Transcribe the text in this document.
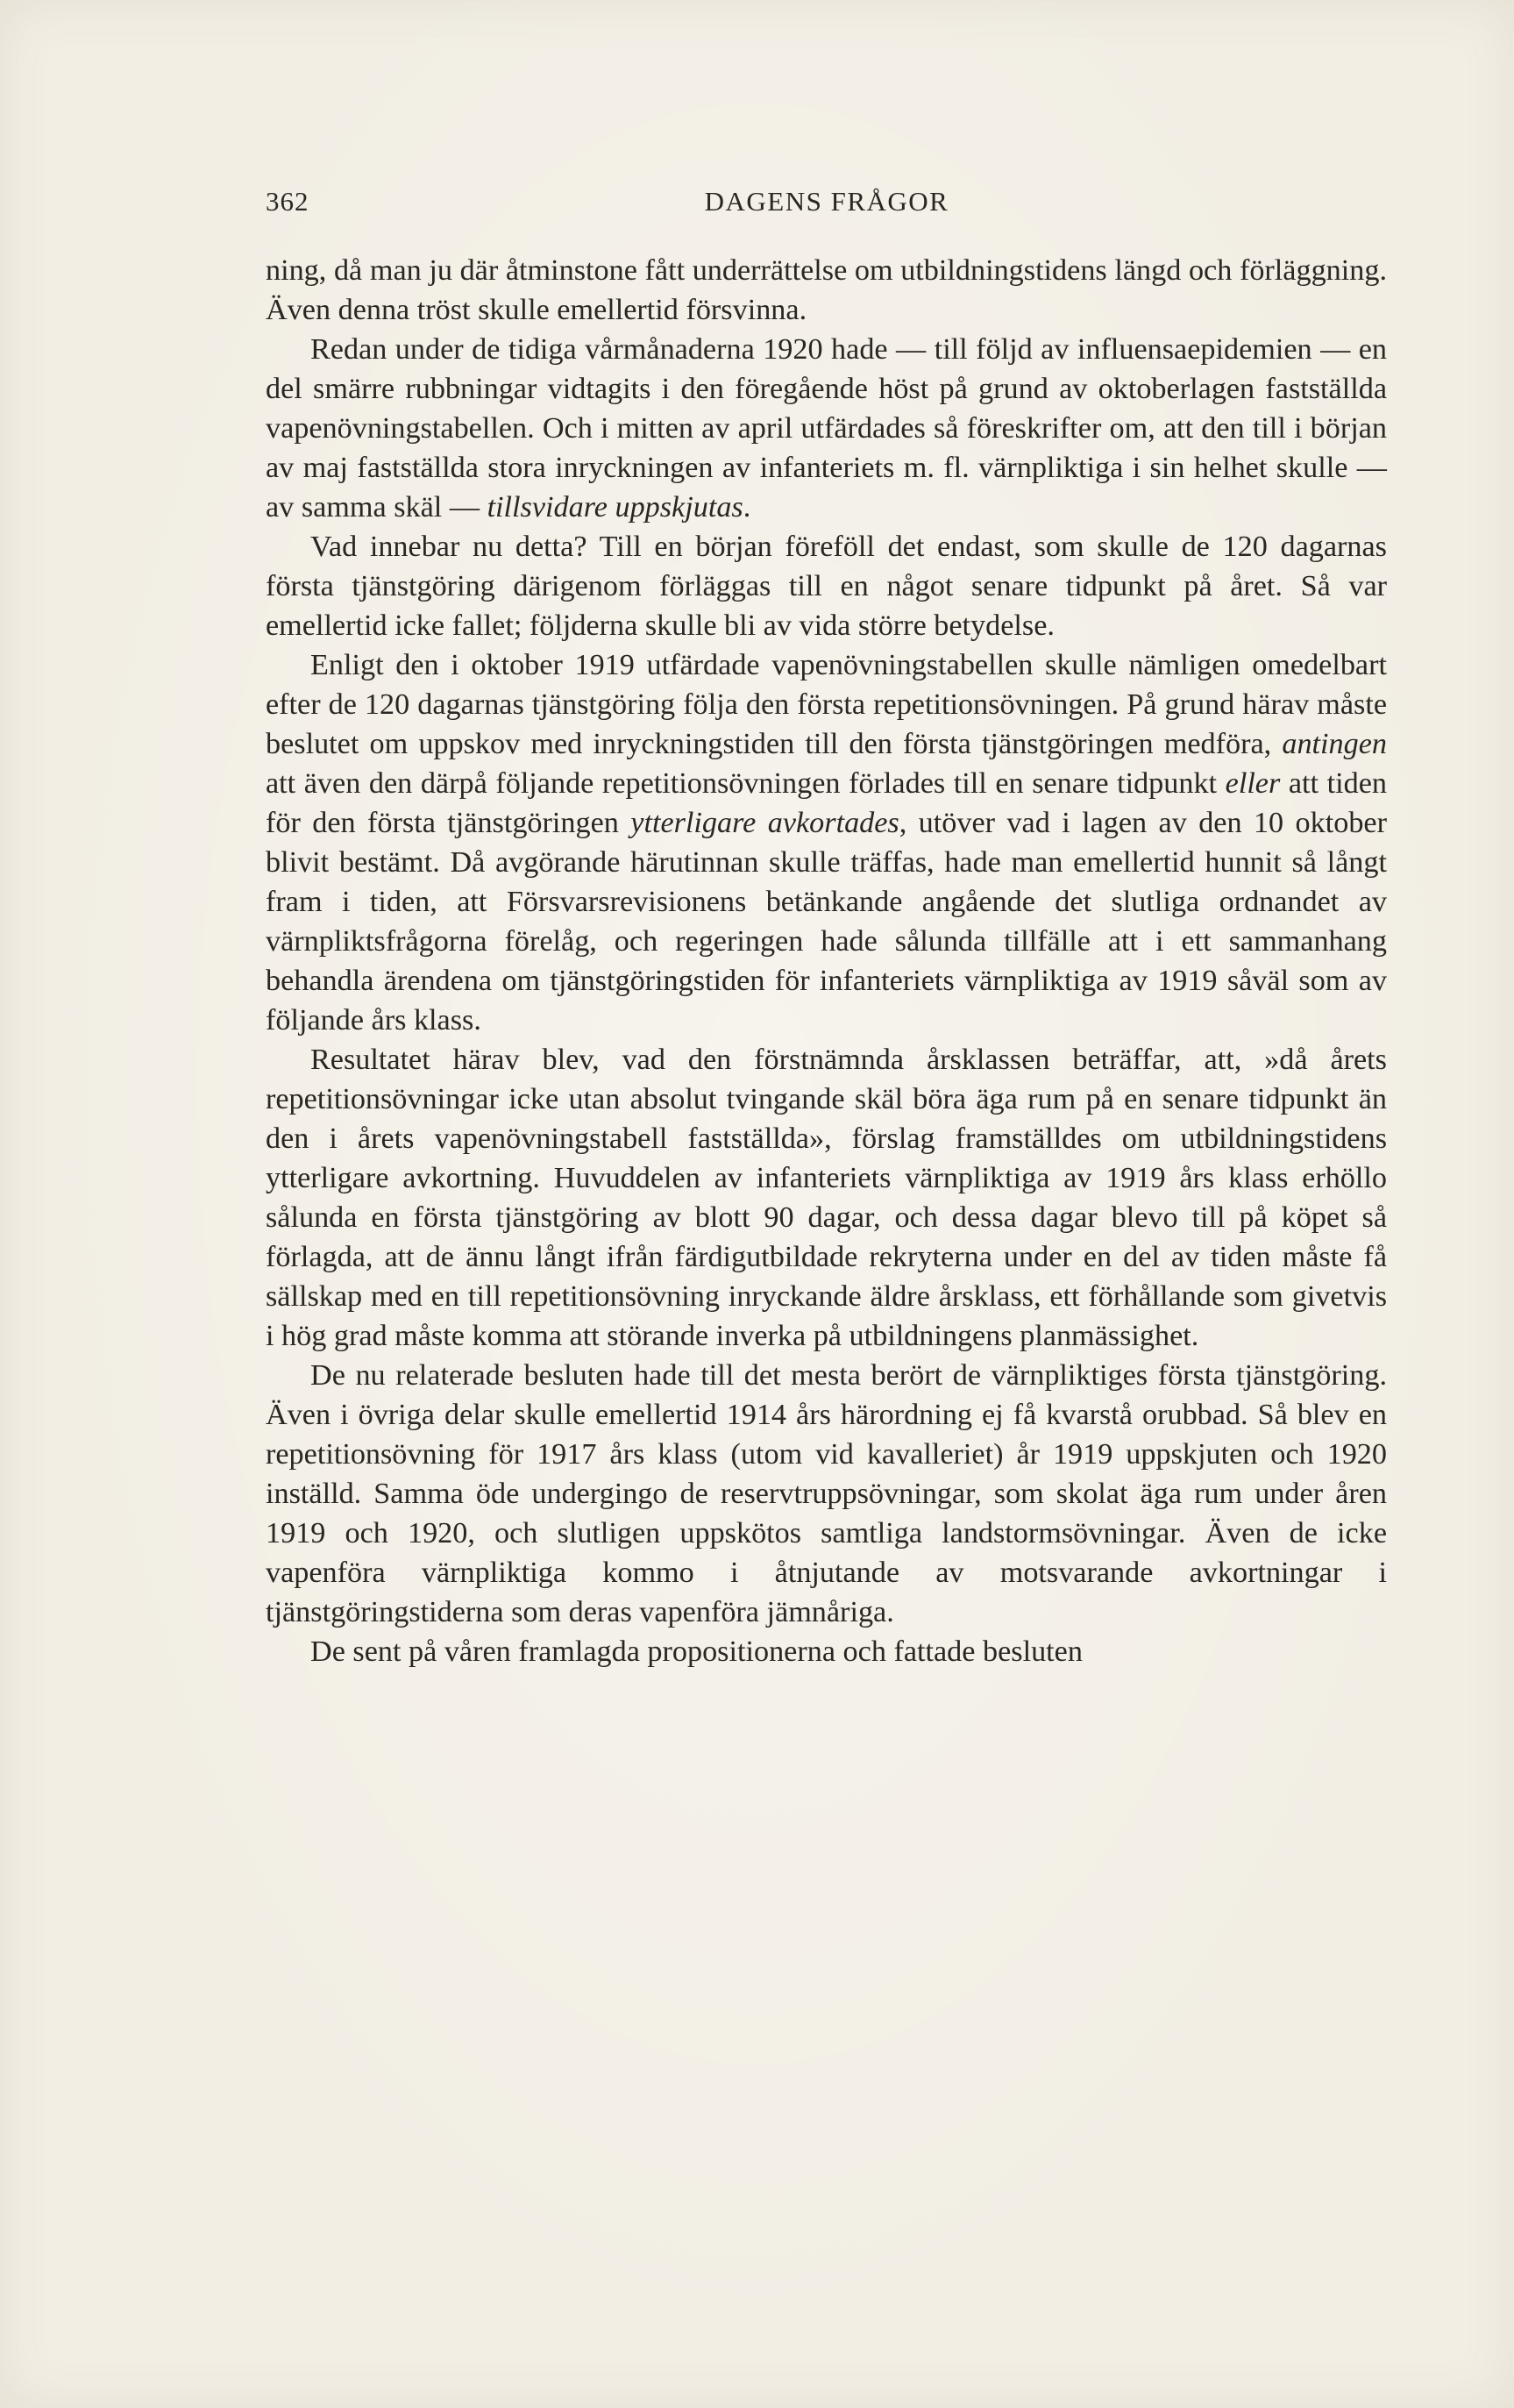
362	DAGENS FRÅGOR

ning, då man ju där åtminstone fått underrättelse om utbildningstidens längd och förläggning. Även denna tröst skulle emellertid försvinna.

Redan under de tidiga vårmånaderna 1920 hade — till följd av influensaepidemien — en del smärre rubbningar vidtagits i den föregående höst på grund av oktoberlagen fastställda vapenövningstabellen. Och i mitten av april utfärdades så föreskrifter om, att den till i början av maj fastställda stora inryckningen av infanteriets m. fl. värnpliktiga i sin helhet skulle — av samma skäl — tillsvidare uppskjutas.

Vad innebar nu detta? Till en början föreföll det endast, som skulle de 120 dagarnas första tjänstgöring därigenom förläggas till en något senare tidpunkt på året. Så var emellertid icke fallet; följderna skulle bli av vida större betydelse.

Enligt den i oktober 1919 utfärdade vapenövningstabellen skulle nämligen omedelbart efter de 120 dagarnas tjänstgöring följa den första repetitionsövningen. På grund härav måste beslutet om uppskov med inryckningstiden till den första tjänstgöringen medföra, antingen att även den därpå följande repetitionsövningen förlades till en senare tidpunkt eller att tiden för den första tjänstgöringen ytterligare avkortades, utöver vad i lagen av den 10 oktober blivit bestämt. Då avgörande härutinnan skulle träffas, hade man emellertid hunnit så långt fram i tiden, att Försvarsrevisionens betänkande angående det slutliga ordnandet av värnpliktsfrågorna förelåg, och regeringen hade sålunda tillfälle att i ett sammanhang behandla ärendena om tjänstgöringstiden för infanteriets värnpliktiga av 1919 såväl som av följande års klass.

Resultatet härav blev, vad den förstnämnda årsklassen beträffar, att, »då årets repetitionsövningar icke utan absolut tvingande skäl böra äga rum på en senare tidpunkt än den i årets vapenövningstabell fastställda», förslag framställdes om utbildningstidens ytterligare avkortning. Huvuddelen av infanteriets värnpliktiga av 1919 års klass erhöllo sålunda en första tjänstgöring av blott 90 dagar, och dessa dagar blevo till på köpet så förlagda, att de ännu långt ifrån färdigutbildade rekryterna under en del av tiden måste få sällskap med en till repetitionsövning inryckande äldre årsklass, ett förhållande som givetvis i hög grad måste komma att störande inverka på utbildningens planmässighet.

De nu relaterade besluten hade till det mesta berört de värnpliktiges första tjänstgöring. Även i övriga delar skulle emellertid 1914 års härordning ej få kvarstå orubbad. Så blev en repetitionsövning för 1917 års klass (utom vid kavalleriet) år 1919 uppskjuten och 1920 inställd. Samma öde undergingo de reservtruppsövningar, som skolat äga rum under åren 1919 och 1920, och slutligen uppskötos samtliga landstormsövningar. Även de icke vapenföra värnpliktiga kommo i åtnjutande av motsvarande avkortningar i tjänstgöringstiderna som deras vapenföra jämnåriga.

De sent på våren framlagda propositionerna och fattade besluten
